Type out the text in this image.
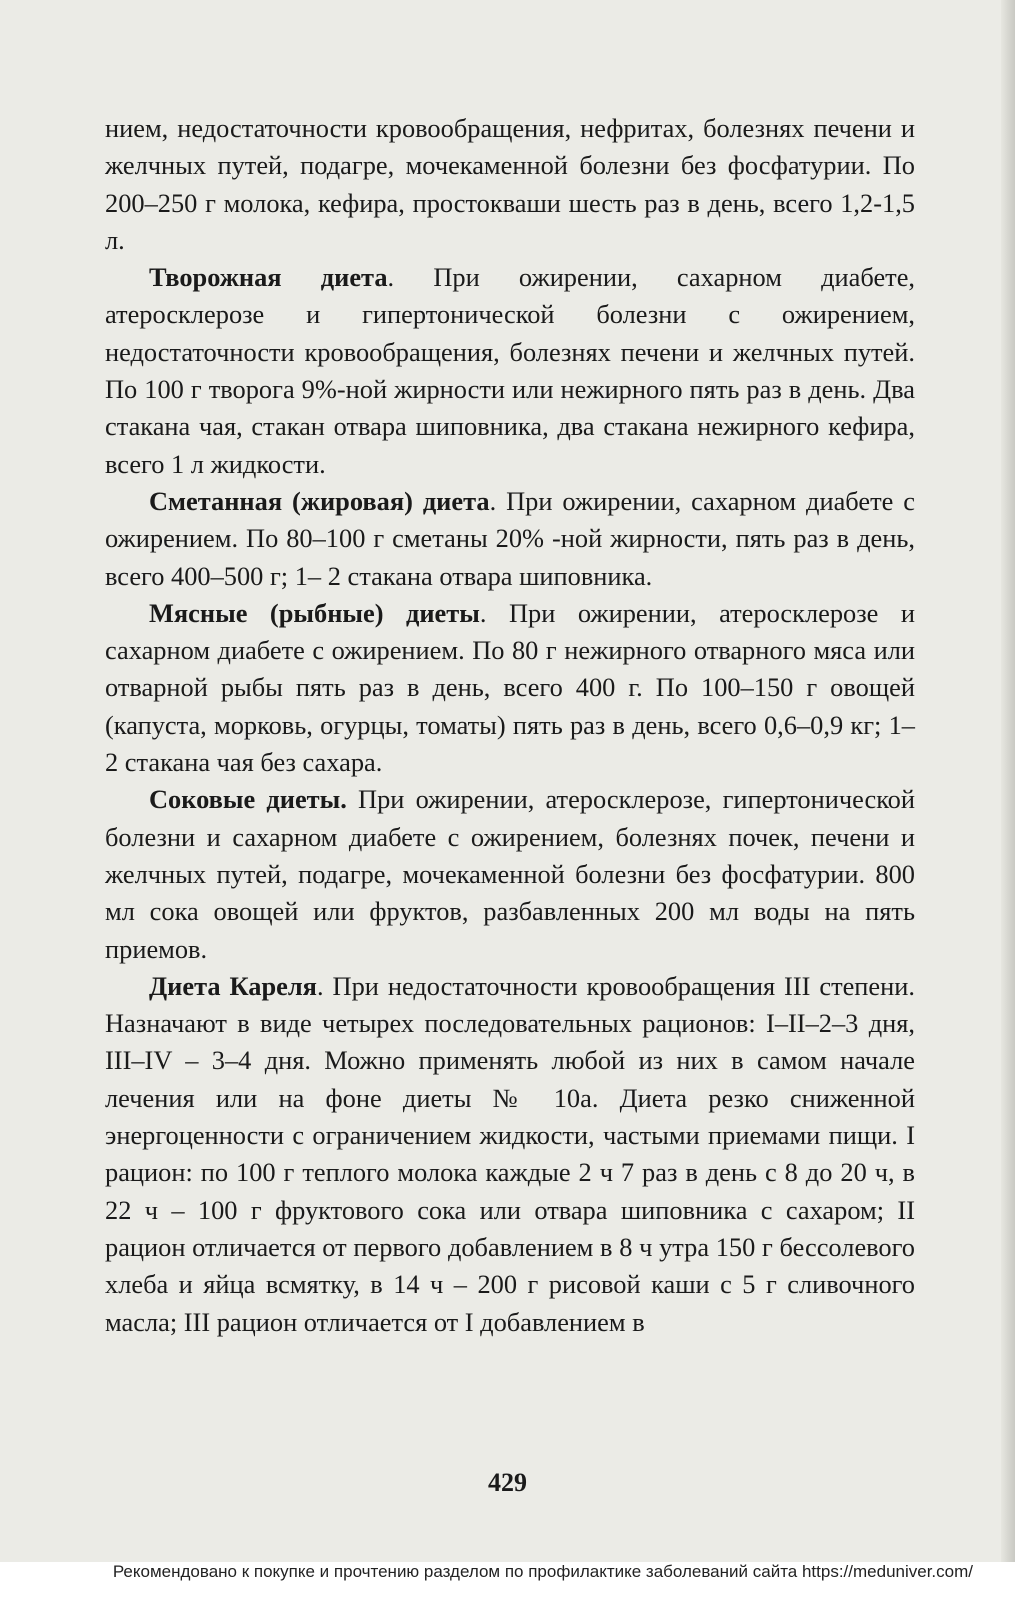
нием, недостаточности кровообращения, нефритах, болезнях печени и желчных путей, подагре, мочекаменной болезни без фосфатурии. По 200–250 г молока, кефира, простокваши шесть раз в день, всего 1,2-1,5 л.

Творожная диета. При ожирении, сахарном диабете, атеросклерозе и гипертонической болезни с ожирением, недостаточности кровообращения, болезнях печени и желчных путей. По 100 г творога 9%-ной жирности или нежирного пять раз в день. Два стакана чая, стакан отвара шиповника, два стакана нежирного кефира, всего 1 л жидкости.

Сметанная (жировая) диета. При ожирении, сахарном диабете с ожирением. По 80–100 г сметаны 20% -ной жирности, пять раз в день, всего 400–500 г; 1– 2 стакана отвара шиповника.

Мясные (рыбные) диеты. При ожирении, атеросклерозе и сахарном диабете с ожирением. По 80 г нежирного отварного мяса или отварной рыбы пять раз в день, всего 400 г. По 100–150 г овощей (капуста, морковь, огурцы, томаты) пять раз в день, всего 0,6–0,9 кг; 1–2 стакана чая без сахара.

Соковые диеты. При ожирении, атеросклерозе, гипертонической болезни и сахарном диабете с ожирением, болезнях почек, печени и желчных путей, подагре, мочекаменной болезни без фосфатурии. 800 мл сока овощей или фруктов, разбавленных 200 мл воды на пять приемов.

Диета Кареля. При недостаточности кровообращения III степени. Назначают в виде четырех последовательных рационов: I–II–2–3 дня, III–IV – 3–4 дня. Можно применять любой из них в самом начале лечения или на фоне диеты № 10а. Диета резко сниженной энергоценности с ограничением жидкости, частыми приемами пищи. I рацион: по 100 г теплого молока каждые 2 ч 7 раз в день с 8 до 20 ч, в 22 ч – 100 г фруктового сока или отвара шиповника с сахаром; II рацион отличается от первого добавлением в 8 ч утра 150 г бессолевого хлеба и яйца всмятку, в 14 ч – 200 г рисовой каши с 5 г сливочного масла; III рацион отличается от I добавлением в

429
Рекомендовано к покупке и прочтению разделом по профилактике заболеваний сайта https://meduniver.com/
